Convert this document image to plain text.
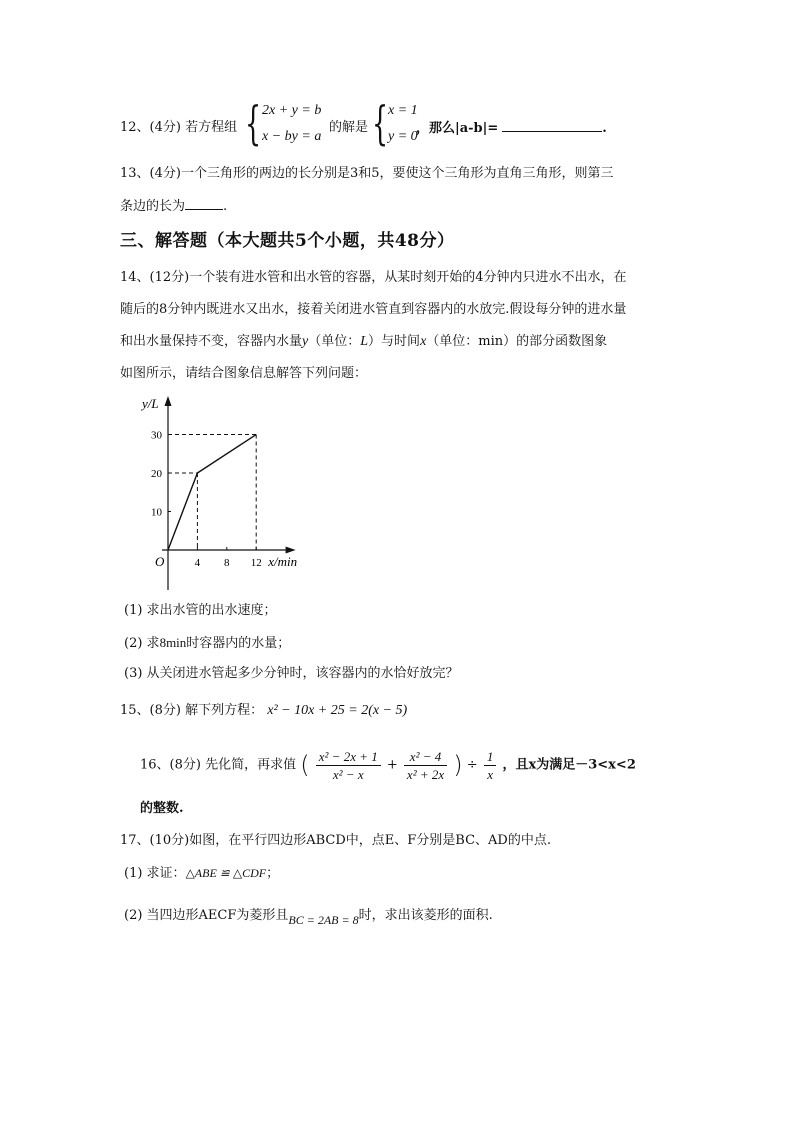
12、(4分) 若方程组 { 2x + y = b
x − by = a
的解是 { x = 1
y = 0
，那么|a-b|=	.
13、(4分)一个三角形的两边的长分别是3和5，要使这个三角形为直角三角形，则第三
条边的长为	.
三、解答题（本大题共5个小题，共48分）
14、(12分)一个装有进水管和出水管的容器，从某时刻开始的4分钟内只进水不出水，在
随后的8分钟内既进水又出水，接着关闭进水管直到容器内的水放完.假设每分钟的进水量
和出水量保持不变，容器内水量y（单位：L）与时间x（单位：min）的部分函数图象
如图所示，请结合图象信息解答下列问题：
y/L
x/min
O	4 8 12
10
20
30
(1) 求出水管的出水速度；
(2) 求8min时容器内的水量；
(3) 从关闭进水管起多少分钟时，该容器内的水恰好放完？
15、(8分) 解下列方程： x² − 10x + 25 = 2(x − 5)
16、(8分) 先化简，再求值 ( $\frac{\text{x² − 2x + 1}}{\text{x² − x}} + \frac{\text{x² − 4}}{\text{x² + 2x}}$ ) ÷ $\frac{1}{x}$ ，且x为满足－3<x<2
的整数.
17、(10分)如图，在平行四边形ABCD中，点E、F分别是BC、AD的中点.
(1) 求证：△ABE ≌ △CDF；
(2) 当四边形AECF为菱形且BC = 2AB = 8时，求出该菱形的面积.
